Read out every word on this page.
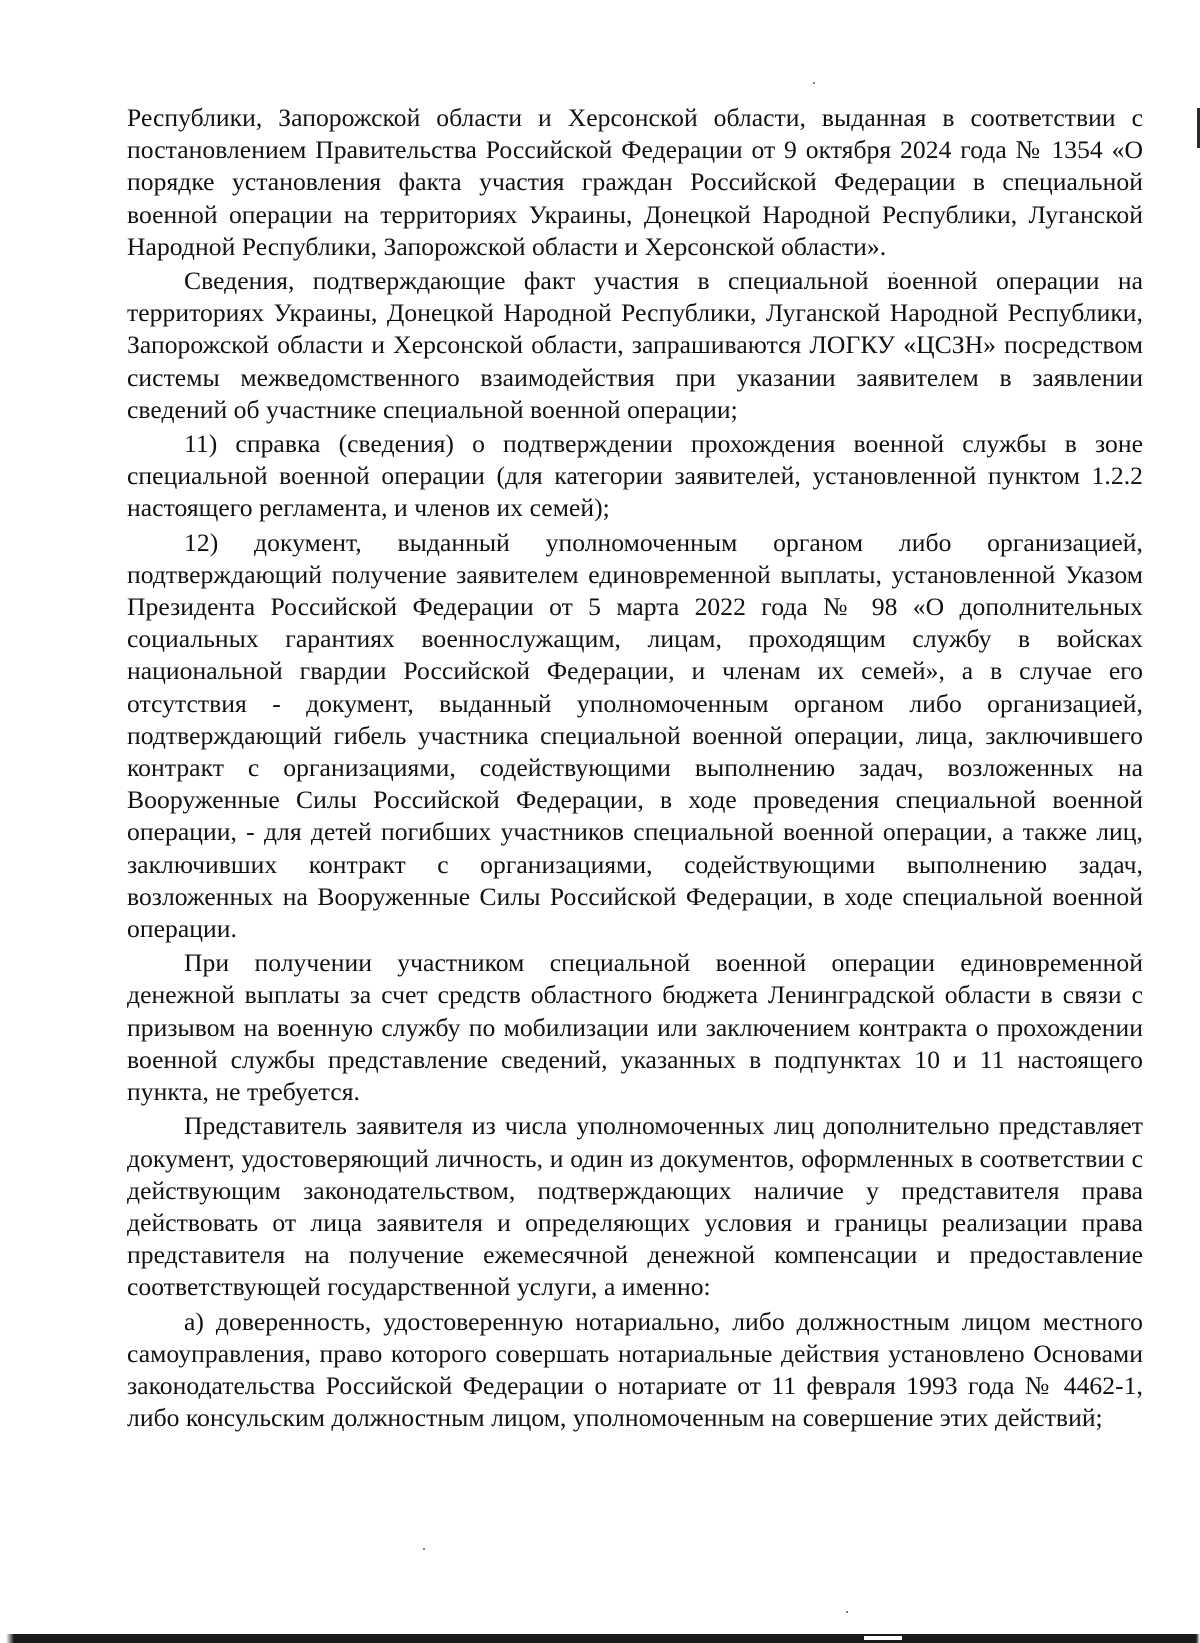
Республики, Запорожской области и Херсонской области, выданная в соответствии с постановлением Правительства Российской Федерации от 9 октября 2024 года № 1354 «О порядке установления факта участия граждан Российской Федерации в специальной военной операции на территориях Украины, Донецкой Народной Республики, Луганской Народной Республики, Запорожской области и Херсонской области».

Сведения, подтверждающие факт участия в специальной военной операции на территориях Украины, Донецкой Народной Республики, Луганской Народной Республики, Запорожской области и Херсонской области, запрашиваются ЛОГКУ «ЦСЗН» посредством системы межведомственного взаимодействия при указании заявителем в заявлении сведений об участнике специальной военной операции;

11) справка (сведения) о подтверждении прохождения военной службы в зоне специальной военной операции (для категории заявителей, установленной пунктом 1.2.2 настоящего регламента, и членов их семей);

12) документ, выданный уполномоченным органом либо организацией, подтверждающий получение заявителем единовременной выплаты, установленной Указом Президента Российской Федерации от 5 марта 2022 года № 98 «О дополнительных социальных гарантиях военнослужащим, лицам, проходящим службу в войсках национальной гвардии Российской Федерации, и членам их семей», а в случае его отсутствия - документ, выданный уполномоченным органом либо организацией, подтверждающий гибель участника специальной военной операции, лица, заключившего контракт с организациями, содействующими выполнению задач, возложенных на Вооруженные Силы Российской Федерации, в ходе проведения специальной военной операции, - для детей погибших участников специальной военной операции, а также лиц, заключивших контракт с организациями, содействующими выполнению задач, возложенных на Вооруженные Силы Российской Федерации, в ходе специальной военной операции.

При получении участником специальной военной операции единовременной денежной выплаты за счет средств областного бюджета Ленинградской области в связи с призывом на военную службу по мобилизации или заключением контракта о прохождении военной службы представление сведений, указанных в подпунктах 10 и 11 настоящего пункта, не требуется.

Представитель заявителя из числа уполномоченных лиц дополнительно представляет документ, удостоверяющий личность, и один из документов, оформленных в соответствии с действующим законодательством, подтверждающих наличие у представителя права действовать от лица заявителя и определяющих условия и границы реализации права представителя на получение ежемесячной денежной компенсации и предоставление соответствующей государственной услуги, а именно:

а) доверенность, удостоверенную нотариально, либо должностным лицом местного самоуправления, право которого совершать нотариальные действия установлено Основами законодательства Российской Федерации о нотариате от 11 февраля 1993 года № 4462-1, либо консульским должностным лицом, уполномоченным на совершение этих действий;
